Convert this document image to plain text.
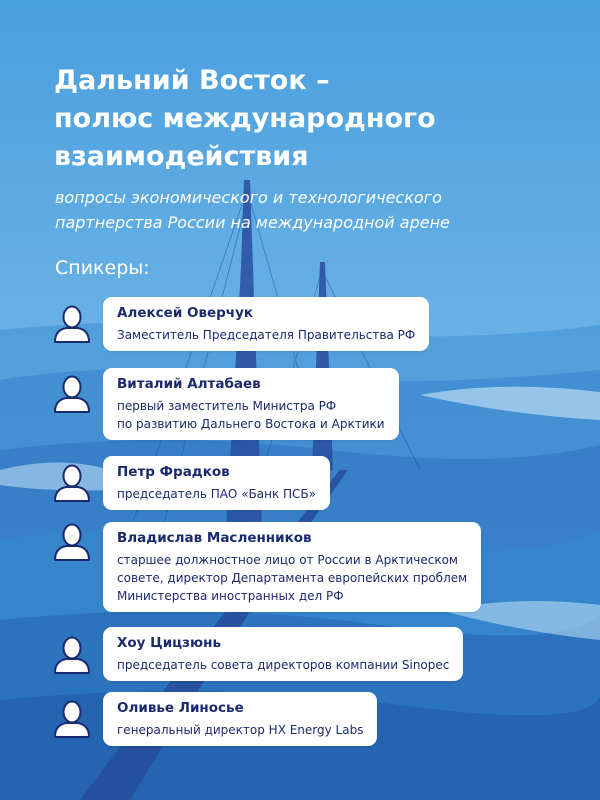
Дальний Восток –
полюс международного
взаимодействия

вопросы экономического и технологического
партнерства России на международной арене

Спикеры:
Алексей Оверчук
Заместитель Председателя Правительства РФ
Виталий Алтабаев
первый заместитель Министра РФ
по развитию Дальнего Востока и Арктики
Петр Фрадков
председатель ПАО «Банк ПСБ»
Владислав Масленников
старшее должностное лицо от России в Арктическом
совете, директор Департамента европейских проблем
Министерства иностранных дел РФ
Хоу Цицзюнь
председатель совета директоров компании Sinopec
Оливье Линосье
генеральный директор HX Energy Labs
